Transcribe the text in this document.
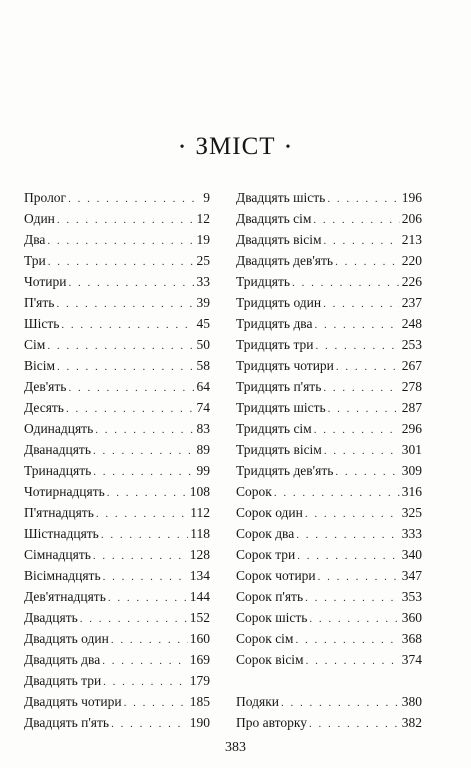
• ЗМІСТ •
Пролог . . .	9
Один . . .	12
Два . . .	19
Три . . .	25
Чотири . . .	33
П'ять . . .	39
Шість . . .	45
Сім . . .	50
Вісім . . .	58
Дев'ять . . .	64
Десять . . .	74
Одинадцять . . .	83
Дванадцять . . .	89
Тринадцять . . .	99
Чотирнадцять . . .	108
П'ятнадцять . . .	112
Шістнадцять . . .	118
Сімнадцять . . .	128
Вісімнадцять . . .	134
Дев'ятнадцять . . .	144
Двадцять . . .	152
Двадцять один . . .	160
Двадцять два . . .	169
Двадцять три . . .	179
Двадцять чотири . . .	185
Двадцять п'ять . . .	190
Двадцять шість . . .	196
Двадцять сім . . .	206
Двадцять вісім . . .	213
Двадцять дев'ять . . .	220
Тридцять . . .	226
Тридцять один . . .	237
Тридцять два . . .	248
Тридцять три . . .	253
Тридцять чотири . . .	267
Тридцять п'ять . . .	278
Тридцять шість . . .	287
Тридцять сім . . .	296
Тридцять вісім . . .	301
Тридцять дев'ять . . .	309
Сорок . . .	316
Сорок один . . .	325
Сорок два . . .	333
Сорок три . . .	340
Сорок чотири . . .	347
Сорок п'ять . . .	353
Сорок шість . . .	360
Сорок сім . . .	368
Сорок вісім . . .	374
Подяки . . .	380
Про авторку . . .	382
383
